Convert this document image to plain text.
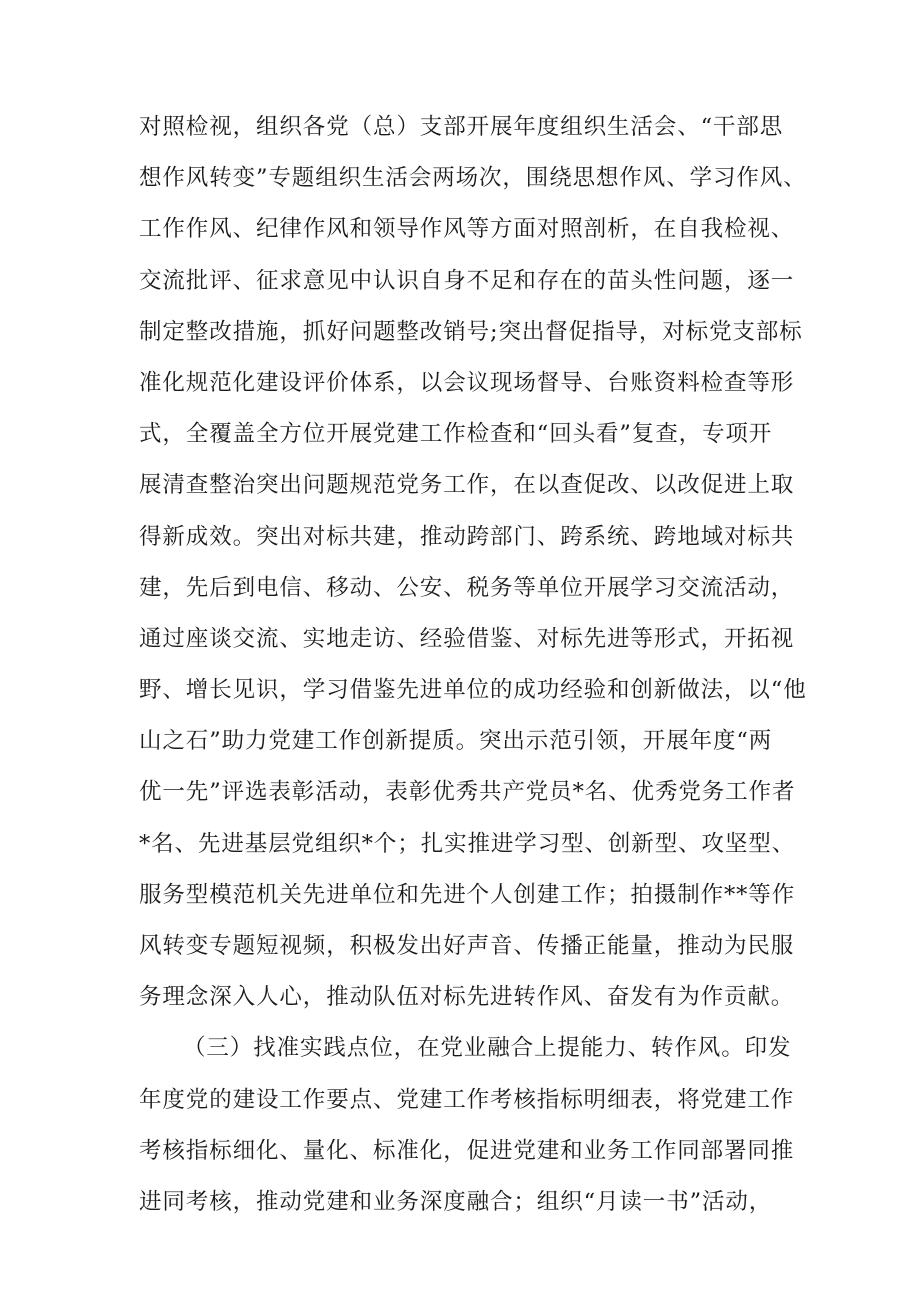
对照检视，组织各党（总）支部开展年度组织生活会、“干部思
想作风转变”专题组织生活会两场次，围绕思想作风、学习作风、
工作作风、纪律作风和领导作风等方面对照剖析，在自我检视、
交流批评、征求意见中认识自身不足和存在的苗头性问题，逐一
制定整改措施，抓好问题整改销号;突出督促指导，对标党支部标
准化规范化建设评价体系，以会议现场督导、台账资料检查等形
式，全覆盖全方位开展党建工作检查和“回头看”复查，专项开
展清查整治突出问题规范党务工作，在以查促改、以改促进上取
得新成效。突出对标共建，推动跨部门、跨系统、跨地域对标共
建，先后到电信、移动、公安、税务等单位开展学习交流活动，
通过座谈交流、实地走访、经验借鉴、对标先进等形式，开拓视
野、增长见识，学习借鉴先进单位的成功经验和创新做法，以“他
山之石”助力党建工作创新提质。突出示范引领，开展年度“两
优一先”评选表彰活动，表彰优秀共产党员*名、优秀党务工作者
*名、先进基层党组织*个；扎实推进学习型、创新型、攻坚型、
服务型模范机关先进单位和先进个人创建工作；拍摄制作**等作
风转变专题短视频，积极发出好声音、传播正能量，推动为民服
务理念深入人心，推动队伍对标先进转作风、奋发有为作贡献。
（三）找准实践点位，在党业融合上提能力、转作风。印发
年度党的建设工作要点、党建工作考核指标明细表，将党建工作
考核指标细化、量化、标准化，促进党建和业务工作同部署同推
进同考核，推动党建和业务深度融合；组织“月读一书”活动，
